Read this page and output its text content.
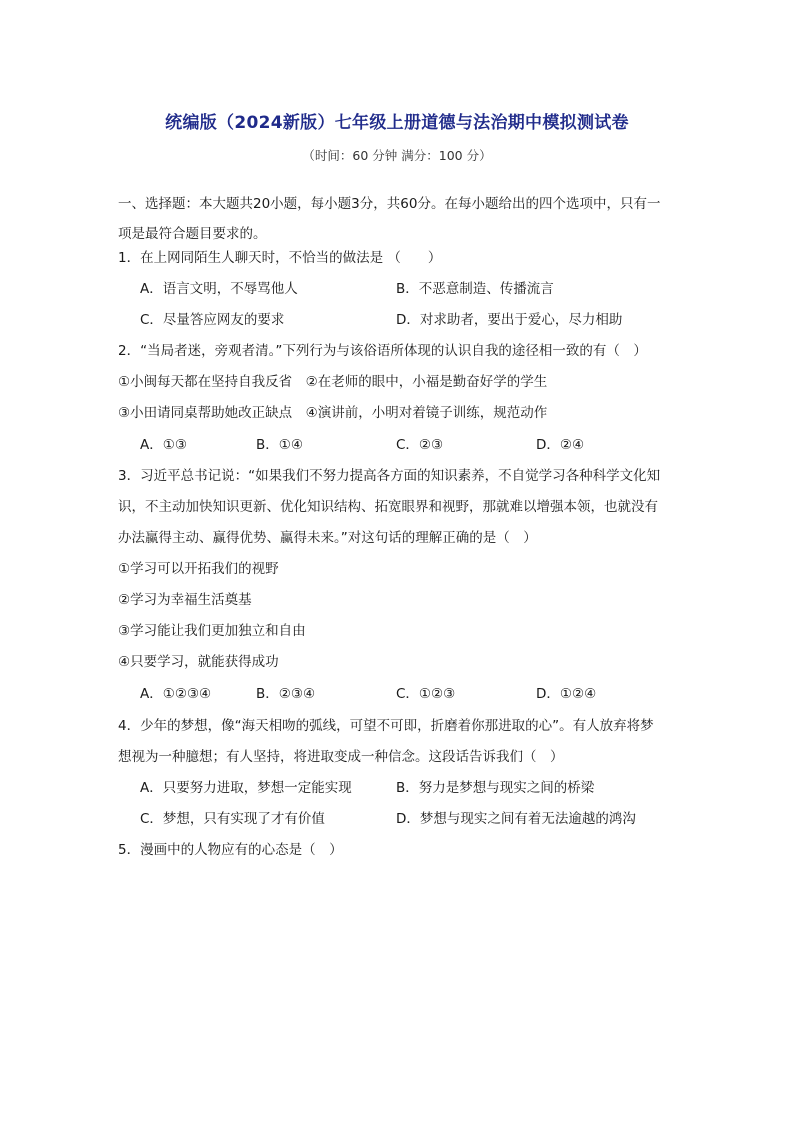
统编版（2024新版）七年级上册道德与法治期中模拟测试卷
（时间：60 分钟 满分：100 分）
一、选择题：本大题共20小题，每小题3分，共60分。在每小题给出的四个选项中，只有一
项是最符合题目要求的。
1．在上网同陌生人聊天时，不恰当的做法是 （　　）
A．语言文明，不辱骂他人	B．不恶意制造、传播流言
C．尽量答应网友的要求	D．对求助者，要出于爱心，尽力相助
2．“当局者迷，旁观者清。”下列行为与该俗语所体现的认识自我的途径相一致的有（　）
①小闽每天都在坚持自我反省　②在老师的眼中，小福是勤奋好学的学生
③小田请同桌帮助她改正缺点　④演讲前，小明对着镜子训练，规范动作
A．①③	B．①④	C．②③	D．②④
3．习近平总书记说：“如果我们不努力提高各方面的知识素养，不自觉学习各种科学文化知
识，不主动加快知识更新、优化知识结构、拓宽眼界和视野，那就难以增强本领，也就没有
办法赢得主动、赢得优势、赢得未来。”对这句话的理解正确的是（　）
①学习可以开拓我们的视野
②学习为幸福生活奠基
③学习能让我们更加独立和自由
④只要学习，就能获得成功
A．①②③④	B．②③④	C．①②③	D．①②④
4．少年的梦想，像“海天相吻的弧线，可望不可即，折磨着你那进取的心”。有人放弃将梦
想视为一种臆想；有人坚持，将进取变成一种信念。这段话告诉我们（　）
A．只要努力进取，梦想一定能实现	B．努力是梦想与现实之间的桥梁
C．梦想，只有实现了才有价值	D．梦想与现实之间有着无法逾越的鸿沟
5．漫画中的人物应有的心态是（　）
